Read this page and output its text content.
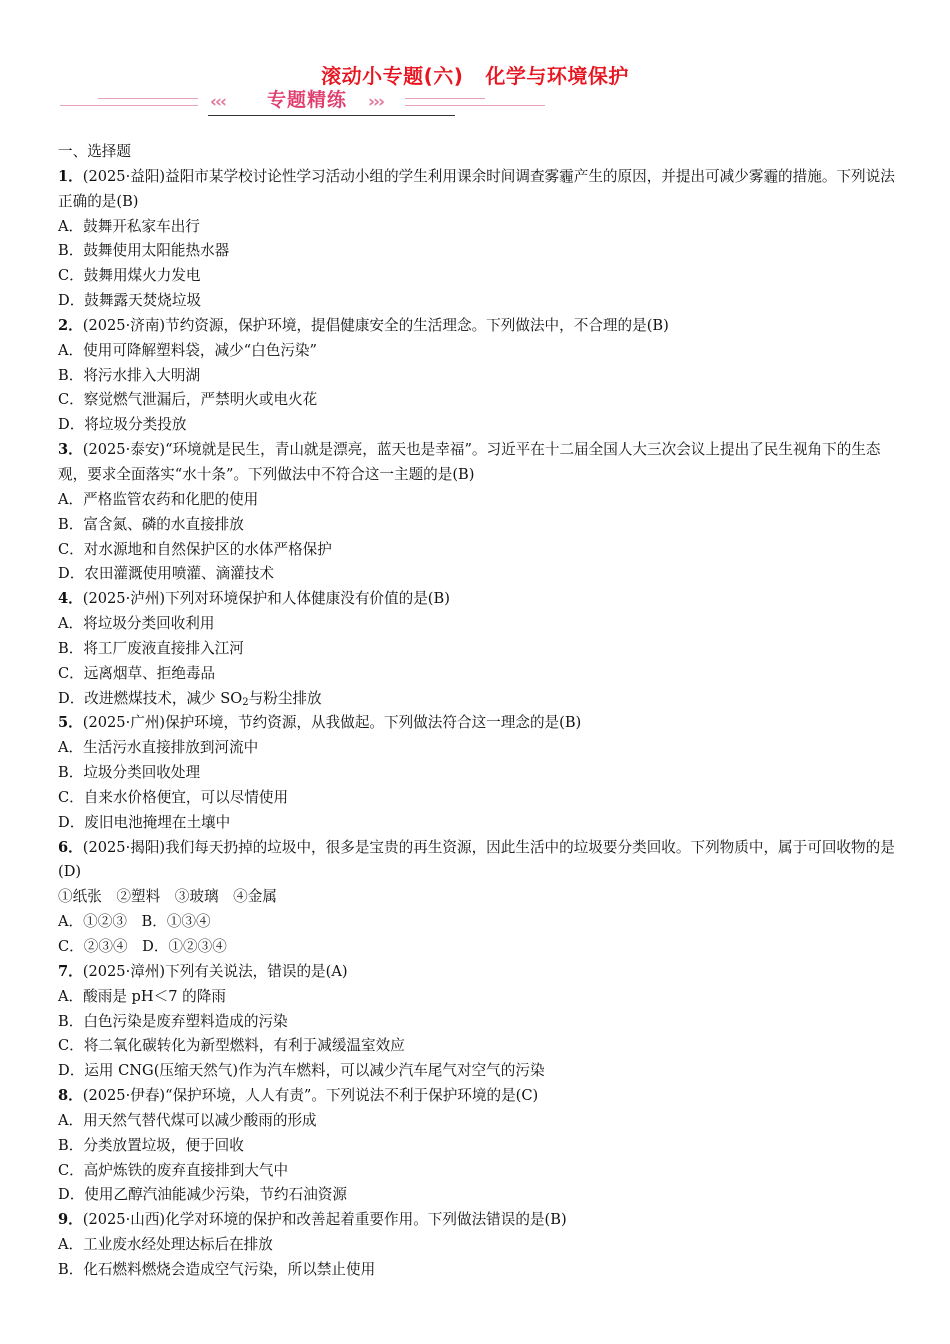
滚动小专题(六) 化学与环境保护
‹‹‹	专题精练	›››
一、选择题
1．(2025·益阳)益阳市某学校讨论性学习活动小组的学生利用课余时间调查雾霾产生的原因，并提出可减少雾霾的措施。下列说法正确的是(B)
A．鼓舞开私家车出行
B．鼓舞使用太阳能热水器
C．鼓舞用煤火力发电
D．鼓舞露天焚烧垃圾
2．(2025·济南)节约资源，保护环境，提倡健康安全的生活理念。下列做法中，不合理的是(B)
A．使用可降解塑料袋，减少“白色污染”
B．将污水排入大明湖
C．察觉燃气泄漏后，严禁明火或电火花
D．将垃圾分类投放
3．(2025·泰安)“环境就是民生，青山就是漂亮，蓝天也是幸福”。习近平在十二届全国人大三次会议上提出了民生视角下的生态观，要求全面落实“水十条”。下列做法中不符合这一主题的是(B)
A．严格监管农药和化肥的使用
B．富含氮、磷的水直接排放
C．对水源地和自然保护区的水体严格保护
D．农田灌溉使用喷灌、滴灌技术
4．(2025·泸州)下列对环境保护和人体健康没有价值的是(B)
A．将垃圾分类回收利用
B．将工厂废液直接排入江河
C．远离烟草、拒绝毒品
D．改进燃煤技术，减少 $SO_2$与粉尘排放
5．(2025·广州)保护环境，节约资源，从我做起。下列做法符合这一理念的是(B)
A．生活污水直接排放到河流中
B．垃圾分类回收处理
C．自来水价格便宜，可以尽情使用
D．废旧电池掩埋在土壤中
6．(2025·揭阳)我们每天扔掉的垃圾中，很多是宝贵的再生资源，因此生活中的垃圾要分类回收。下列物质中，属于可回收物的是(D)
①纸张　②塑料　③玻璃　④金属
A．①②③　B．①③④
C．②③④　D．①②③④
7．(2025·漳州)下列有关说法，错误的是(A)
A．酸雨是 pH＜7 的降雨
B．白色污染是废弃塑料造成的污染
C．将二氧化碳转化为新型燃料，有利于减缓温室效应
D．运用 CNG(压缩天然气)作为汽车燃料，可以减少汽车尾气对空气的污染
8．(2025·伊春)“保护环境，人人有责”。下列说法不利于保护环境的是(C)
A．用天然气替代煤可以减少酸雨的形成
B．分类放置垃圾，便于回收
C．高炉炼铁的废弃直接排到大气中
D．使用乙醇汽油能减少污染，节约石油资源
9．(2025·山西)化学对环境的保护和改善起着重要作用。下列做法错误的是(B)
A．工业废水经处理达标后在排放
B．化石燃料燃烧会造成空气污染，所以禁止使用
